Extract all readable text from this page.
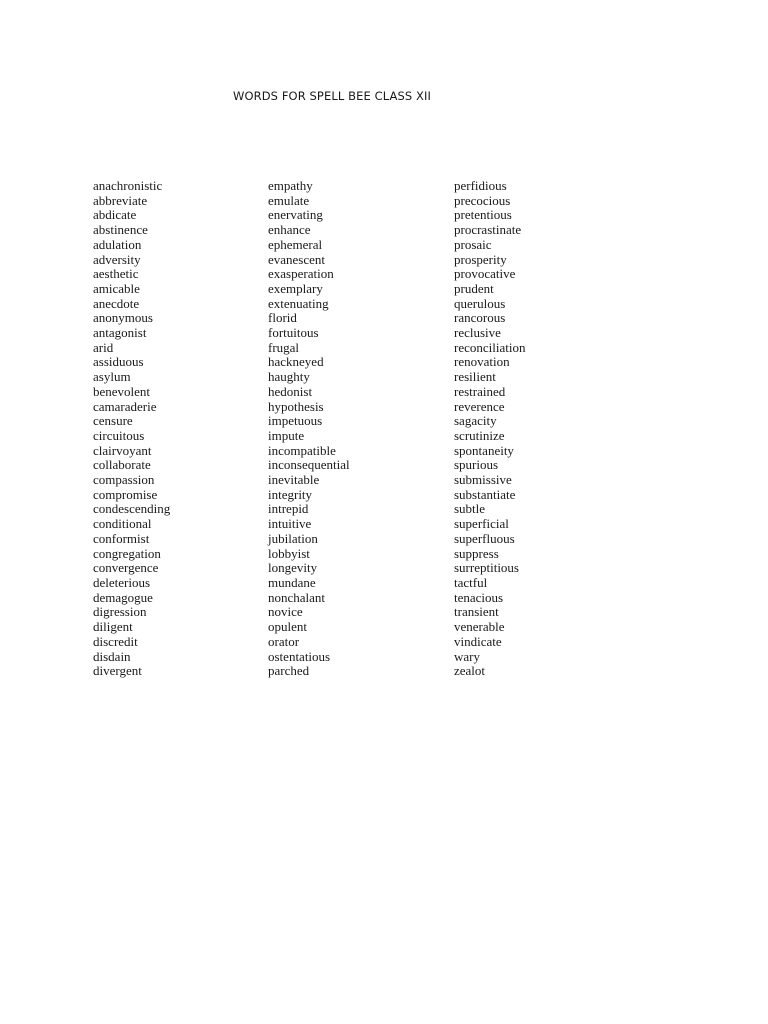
WORDS FOR SPELL BEE CLASS XII
anachronistic
abbreviate
abdicate
abstinence
adulation
adversity
aesthetic
amicable
anecdote
anonymous
antagonist
arid
assiduous
asylum
benevolent
camaraderie
censure
circuitous
clairvoyant
collaborate
compassion
compromise
condescending
conditional
conformist
congregation
convergence
deleterious
demagogue
digression
diligent
discredit
disdain
divergent
empathy
emulate
enervating
enhance
ephemeral
evanescent
exasperation
exemplary
extenuating
florid
fortuitous
frugal
hackneyed
haughty
hedonist
hypothesis
impetuous
impute
incompatible
inconsequential
inevitable
integrity
intrepid
intuitive
jubilation
lobbyist
longevity
mundane
nonchalant
novice
opulent
orator
ostentatious
parched
perfidious
precocious
pretentious
procrastinate
prosaic
prosperity
provocative
prudent
querulous
rancorous
reclusive
reconciliation
renovation
resilient
restrained
reverence
sagacity
scrutinize
spontaneity
spurious
submissive
substantiate
subtle
superficial
superfluous
suppress
surreptitious
tactful
tenacious
transient
venerable
vindicate
wary
zealot
